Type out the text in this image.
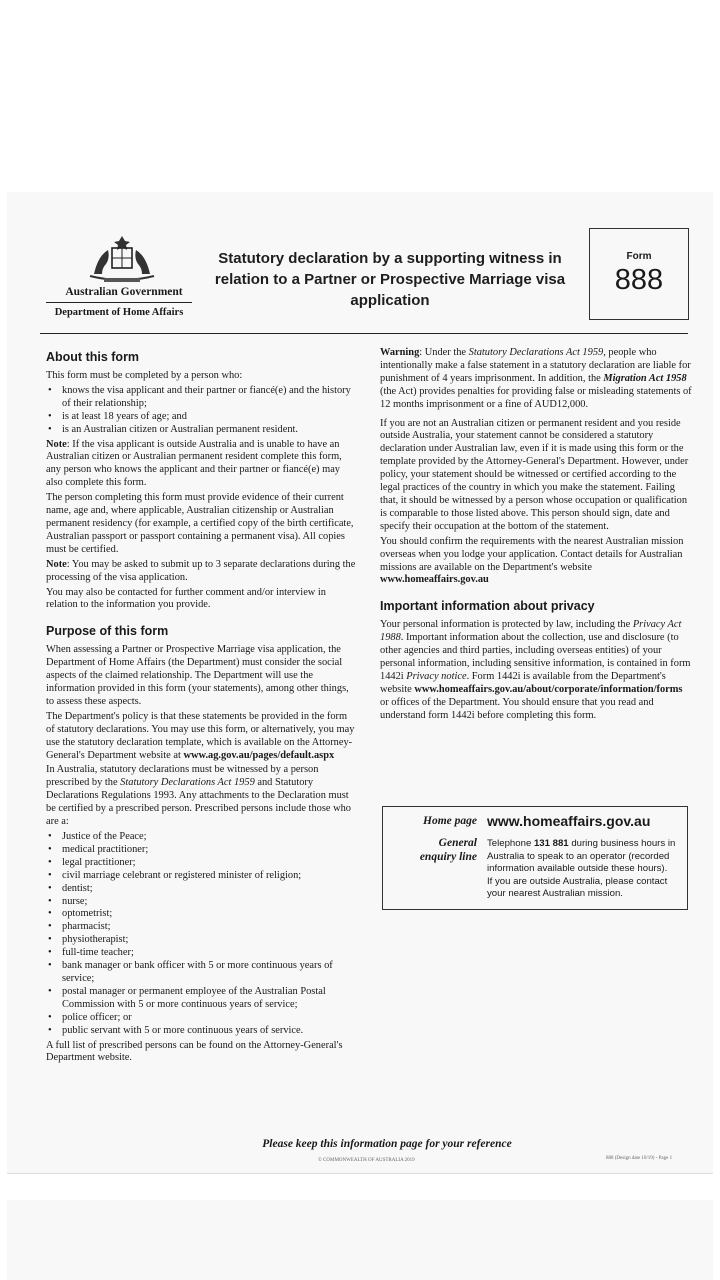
Australian Government
Department of Home Affairs
Statutory declaration by a supporting witness in relation to a Partner or Prospective Marriage visa application
Form
888
About this form

This form must be completed by a person who:

• knows the visa applicant and their partner or fiancé(e) and the history of their relationship;
• is at least 18 years of age; and
• is an Australian citizen or Australian permanent resident.

Note: If the visa applicant is outside Australia and is unable to have an Australian citizen or Australian permanent resident complete this form, any person who knows the applicant and their partner or fiancé(e) may also complete this form.

The person completing this form must provide evidence of their current name, age and, where applicable, Australian citizenship or Australian permanent residency (for example, a certified copy of the birth certificate, Australian passport or passport containing a permanent visa). All copies must be certified.

Note: You may be asked to submit up to 3 separate declarations during the processing of the visa application.

You may also be contacted for further comment and/or interview in relation to the information you provide.

Purpose of this form

When assessing a Partner or Prospective Marriage visa application, the Department of Home Affairs (the Department) must consider the social aspects of the claimed relationship. The Department will use the information provided in this form (your statements), among other things, to assess these aspects.

The Department's policy is that these statements be provided in the form of statutory declarations. You may use this form, or alternatively, you may use the statutory declaration template, which is available on the Attorney-General's Department website at www.ag.gov.au/pages/default.aspx

In Australia, statutory declarations must be witnessed by a person prescribed by the Statutory Declarations Act 1959 and Statutory Declarations Regulations 1993. Any attachments to the Declaration must be certified by a prescribed person. Prescribed persons include those who are a:

• Justice of the Peace;
• medical practitioner;
• legal practitioner;
• civil marriage celebrant or registered minister of religion;
• dentist;
• nurse;
• optometrist;
• pharmacist;
• physiotherapist;
• full-time teacher;
• bank manager or bank officer with 5 or more continuous years of service;
• postal manager or permanent employee of the Australian Postal Commission with 5 or more continuous years of service;
• police officer; or
• public servant with 5 or more continuous years of service.

A full list of prescribed persons can be found on the Attorney-General's Department website.

Warning: Under the Statutory Declarations Act 1959, people who intentionally make a false statement in a statutory declaration are liable for punishment of 4 years imprisonment. In addition, the Migration Act 1958 (the Act) provides penalties for providing false or misleading statements of 12 months imprisonment or a fine of AUD12,000.

If you are not an Australian citizen or permanent resident and you reside outside Australia, your statement cannot be considered a statutory declaration under Australian law, even if it is made using this form or the template provided by the Attorney-General's Department. However, under policy, your statement should be witnessed or certified according to the legal practices of the country in which you make the statement. Failing that, it should be witnessed by a person whose occupation or qualification is comparable to those listed above. This person should sign, date and specify their occupation at the bottom of the statement.

You should confirm the requirements with the nearest Australian mission overseas when you lodge your application. Contact details for Australian missions are available on the Department's website www.homeaffairs.gov.au

Important information about privacy

Your personal information is protected by law, including the Privacy Act 1988. Important information about the collection, use and disclosure (to other agencies and third parties, including overseas entities) of your personal information, including sensitive information, is contained in form 1442i Privacy notice. Form 1442i is available from the Department's website www.homeaffairs.gov.au/about/corporate/information/forms or offices of the Department. You should ensure that you read and understand form 1442i before completing this form.

Home page www.homeaffairs.gov.au
General
enquiry line
Telephone 131 881 during business hours in Australia to speak to an operator (recorded information available outside these hours).
If you are outside Australia, please contact your nearest Australian mission.
Please keep this information page for your reference
© COMMONWEALTH OF AUSTRALIA 2019	888 (Design date 10/19) - Page 1
